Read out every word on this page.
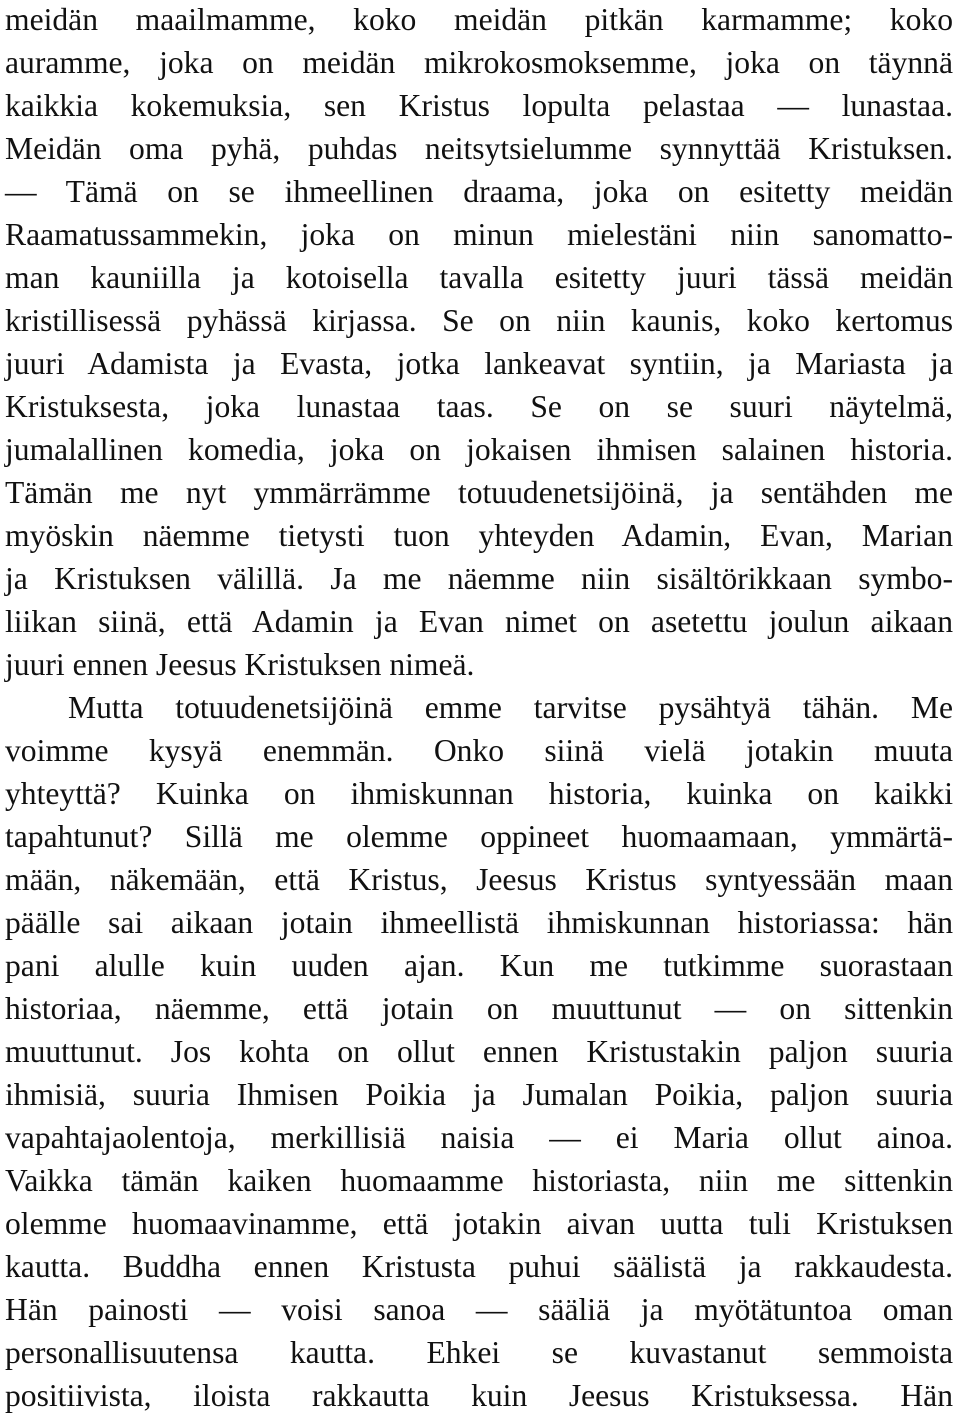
meidän maailmamme, koko meidän pitkän karmamme; koko
auramme, joka on meidän mikrokosmoksemme, joka on täynnä
kaikkia kokemuksia, sen Kristus lopulta pelastaa — lunastaa.
Meidän oma pyhä, puhdas neitsytsielumme synnyttää Kristuksen.
— Tämä on se ihmeellinen draama, joka on esitetty meidän
Raamatussammekin, joka on minun mielestäni niin sanomatto-
man kauniilla ja kotoisella tavalla esitetty juuri tässä meidän
kristillisessä pyhässä kirjassa. Se on niin kaunis, koko kertomus
juuri Adamista ja Evasta, jotka lankeavat syntiin, ja Mariasta ja
Kristuksesta, joka lunastaa taas. Se on se suuri näytelmä,
jumalallinen komedia, joka on jokaisen ihmisen salainen historia.
Tämän me nyt ymmärrämme totuudenetsijöinä, ja sentähden me
myöskin näemme tietysti tuon yhteyden Adamin, Evan, Marian
ja Kristuksen välillä. Ja me näemme niin sisältörikkaan symbo-
liikan siinä, että Adamin ja Evan nimet on asetettu joulun aikaan
juuri ennen Jeesus Kristuksen nimeä.
Mutta totuudenetsijöinä emme tarvitse pysähtyä tähän. Me
voimme kysyä enemmän. Onko siinä vielä jotakin muuta
yhteyttä? Kuinka on ihmiskunnan historia, kuinka on kaikki
tapahtunut? Sillä me olemme oppineet huomaamaan, ymmärtä-
mään, näkemään, että Kristus, Jeesus Kristus syntyessään maan
päälle sai aikaan jotain ihmeellistä ihmiskunnan historiassa: hän
pani alulle kuin uuden ajan. Kun me tutkimme suorastaan
historiaa, näemme, että jotain on muuttunut — on sittenkin
muuttunut. Jos kohta on ollut ennen Kristustakin paljon suuria
ihmisiä, suuria Ihmisen Poikia ja Jumalan Poikia, paljon suuria
vapahtajaolentoja, merkillisiä naisia — ei Maria ollut ainoa.
Vaikka tämän kaiken huomaamme historiasta, niin me sittenkin
olemme huomaavinamme, että jotakin aivan uutta tuli Kristuksen
kautta. Buddha ennen Kristusta puhui säälistä ja rakkaudesta.
Hän painosti — voisi sanoa — sääliä ja myötätuntoa oman
personallisuutensa kautta. Ehkei se kuvastanut semmoista
positiivista, iloista rakkautta kuin Jeesus Kristuksessa. Hän
